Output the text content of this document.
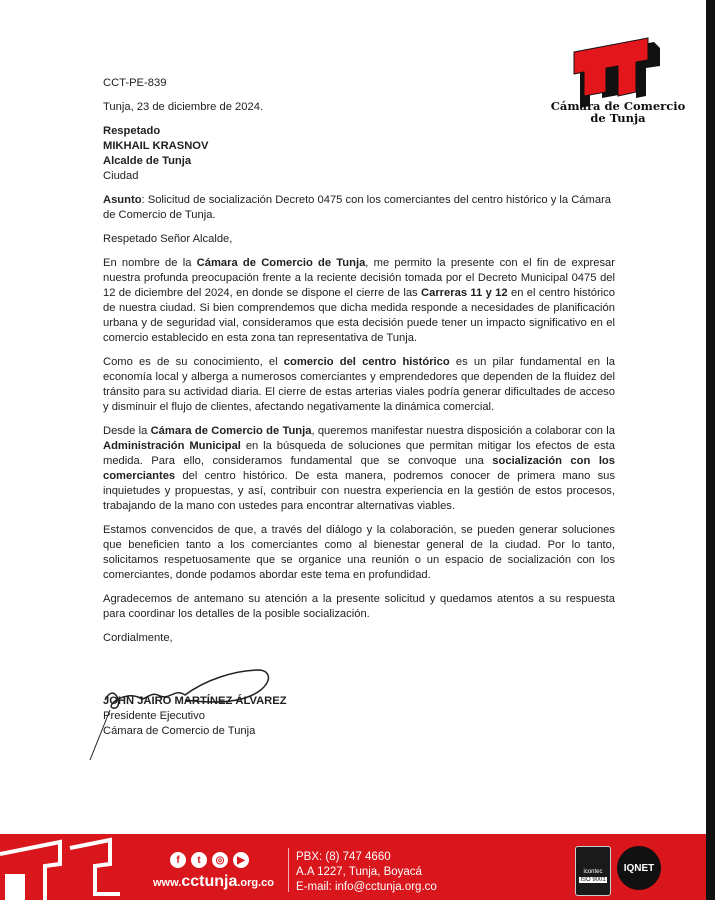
Cámara de Comercio de Tunja

CCT-PE-839

Tunja, 23 de diciembre de 2024.

Respetado

MIKHAIL KRASNOV

Alcalde de Tunja

Ciudad

Asunto: Solicitud de socialización Decreto 0475 con los comerciantes del centro histórico y la Cámara de Comercio de Tunja.

Respetado Señor Alcalde,

En nombre de la Cámara de Comercio de Tunja, me permito la presente con el fin de expresar nuestra profunda preocupación frente a la reciente decisión tomada por el Decreto Municipal 0475 del 12 de diciembre del 2024, en donde se dispone el cierre de las Carreras 11 y 12 en el centro histórico de nuestra ciudad. Si bien comprendemos que dicha medida responde a necesidades de planificación urbana y de seguridad vial, consideramos que esta decisión puede tener un impacto significativo en el comercio establecido en esta zona tan representativa de Tunja.

Como es de su conocimiento, el comercio del centro histórico es un pilar fundamental en la economía local y alberga a numerosos comerciantes y emprendedores que dependen de la fluidez del tránsito para su actividad diaria. El cierre de estas arterias viales podría generar dificultades de acceso y disminuir el flujo de clientes, afectando negativamente la dinámica comercial.

Desde la Cámara de Comercio de Tunja, queremos manifestar nuestra disposición a colaborar con la Administración Municipal en la búsqueda de soluciones que permitan mitigar los efectos de esta medida. Para ello, consideramos fundamental que se convoque una socialización con los comerciantes del centro histórico. De esta manera, podremos conocer de primera mano sus inquietudes y propuestas, y así, contribuir con nuestra experiencia en la gestión de estos procesos, trabajando de la mano con ustedes para encontrar alternativas viables.

Estamos convencidos de que, a través del diálogo y la colaboración, se pueden generar soluciones que beneficien tanto a los comerciantes como al bienestar general de la ciudad. Por lo tanto, solicitamos respetuosamente que se organice una reunión o un espacio de socialización con los comerciantes, donde podamos abordar este tema en profundidad.

Agradecemos de antemano su atención a la presente solicitud y quedamos atentos a su respuesta para coordinar los detalles de la posible socialización.

Cordialmente,

JOHN JAIRO MARTÍNEZ ÁLVAREZ

Presidente Ejecutivo

Cámara de Comercio de Tunja

f	t	◎	▶
www.cctunja.org.co
PBX: (8) 747 4660
A.A 1227, Tunja, Boyacá
E-mail: info@cctunja.org.co
icontec
ISO 9001
IQNET
